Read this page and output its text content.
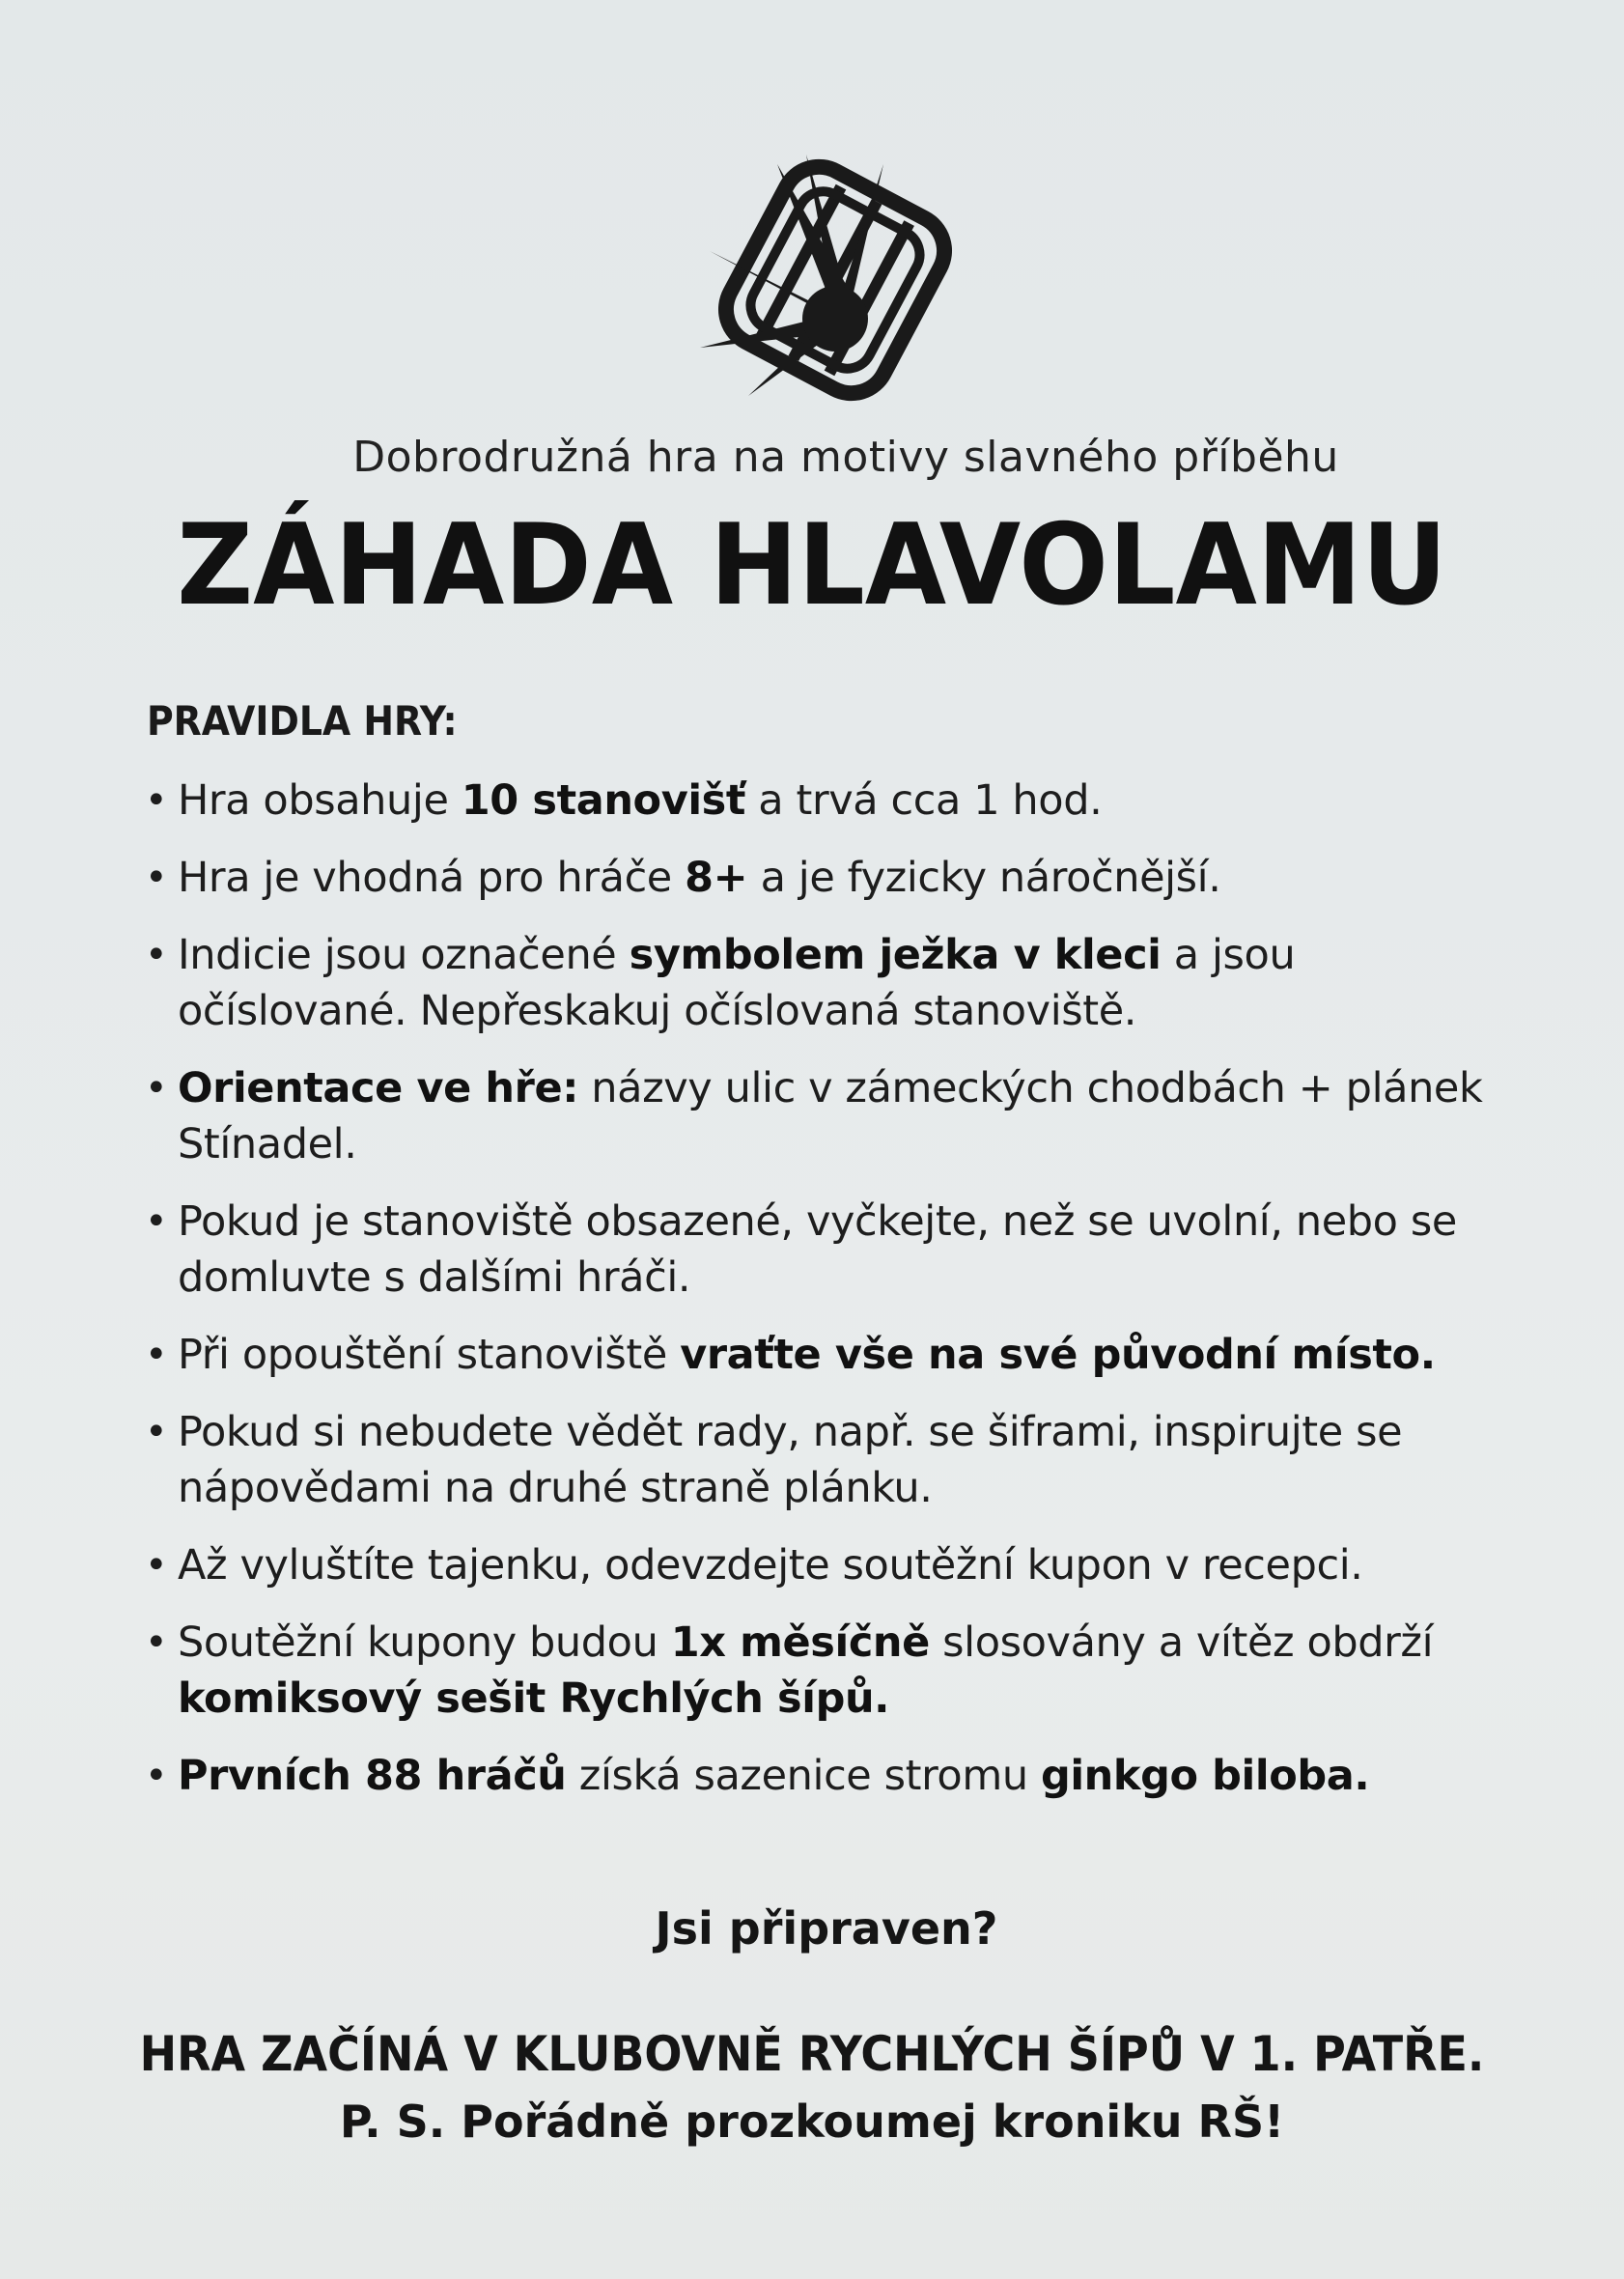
Dobrodružná hra na motivy slavného příběhu
ZÁHADA HLAVOLAMU
PRAVIDLA HRY:
• Hra obsahuje 10 stanovišť a trvá cca 1 hod.
• Hra je vhodná pro hráče 8+ a je fyzicky náročnější.
• Indicie jsou označené symbolem ježka v kleci a jsou očíslované. Nepřeskakuj očíslovaná stanoviště.
• Orientace ve hře: názvy ulic v zámeckých chodbách + plánek Stínadel.
• Pokud je stanoviště obsazené, vyčkejte, než se uvolní, nebo se domluvte s dalšími hráči.
• Při opouštění stanoviště vraťte vše na své původní místo.
• Pokud si nebudete vědět rady, např. se šiframi, inspirujte se nápovědami na druhé straně plánku.
• Až vyluštíte tajenku, odevzdejte soutěžní kupon v recepci.
• Soutěžní kupony budou 1x měsíčně slosovány a vítěz obdrží komiksový sešit Rychlých šípů.
• Prvních 88 hráčů získá sazenice stromu ginkgo biloba.
Jsi připraven?
HRA ZAČÍNÁ V KLUBOVNĚ RYCHLÝCH ŠÍPŮ V 1. PATŘE.
P. S. Pořádně prozkoumej kroniku RŠ!
